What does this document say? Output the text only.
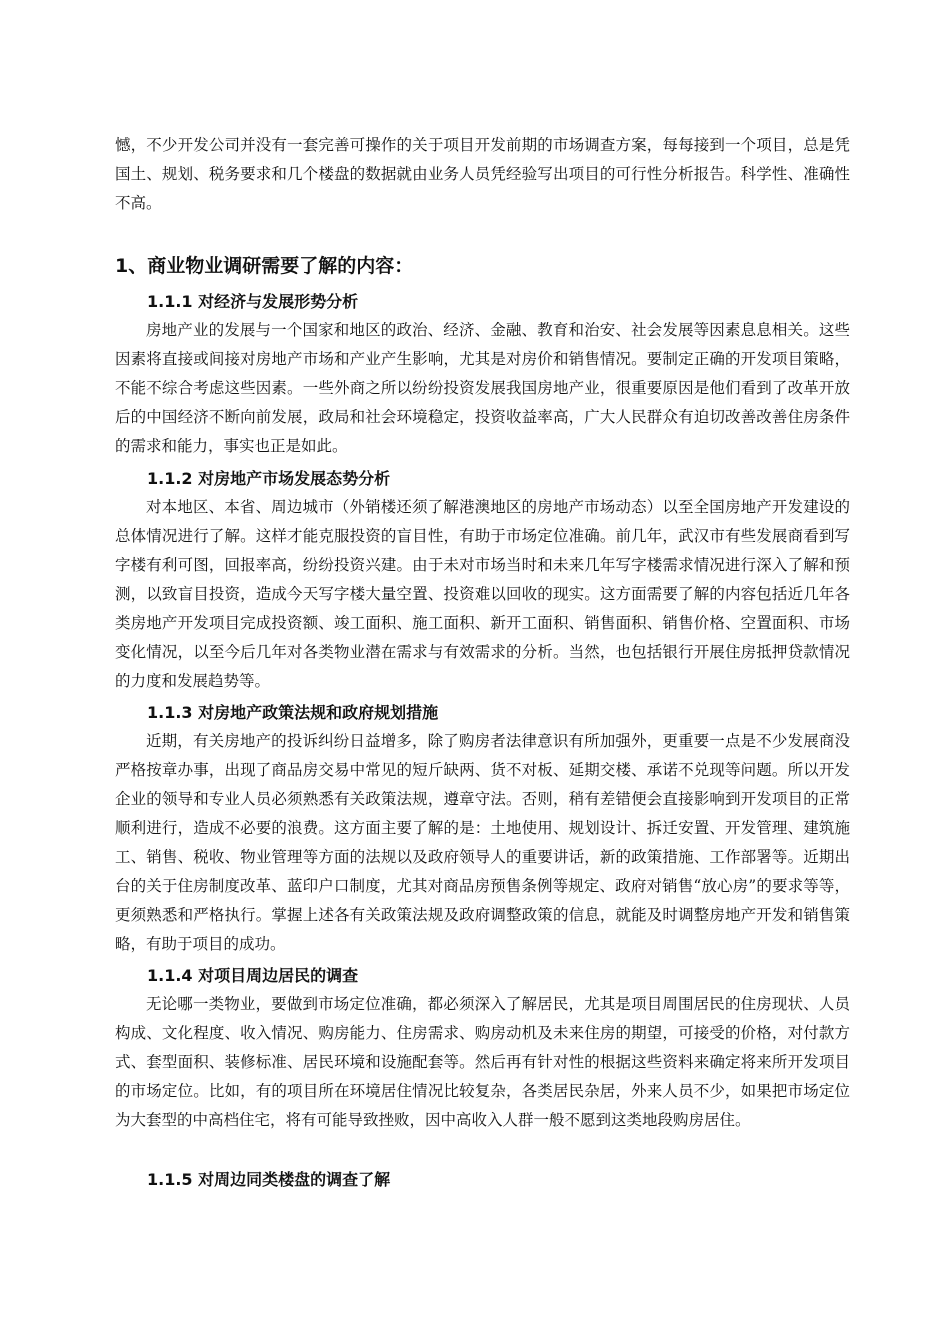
憾，不少开发公司并没有一套完善可操作的关于项目开发前期的市场调查方案，每每接到一个项目，总是凭国土、规划、税务要求和几个楼盘的数据就由业务人员凭经验写出项目的可行性分析报告。科学性、准确性不高。

1、商业物业调研需要了解的内容：
1.1.1 对经济与发展形势分析

房地产业的发展与一个国家和地区的政治、经济、金融、教育和治安、社会发展等因素息息相关。这些因素将直接或间接对房地产市场和产业产生影响，尤其是对房价和销售情况。要制定正确的开发项目策略，不能不综合考虑这些因素。一些外商之所以纷纷投资发展我国房地产业，很重要原因是他们看到了改革开放后的中国经济不断向前发展，政局和社会环境稳定，投资收益率高，广大人民群众有迫切改善改善住房条件的需求和能力，事实也正是如此。

1.1.2 对房地产市场发展态势分析

对本地区、本省、周边城市（外销楼还须了解港澳地区的房地产市场动态）以至全国房地产开发建设的总体情况进行了解。这样才能克服投资的盲目性，有助于市场定位准确。前几年，武汉市有些发展商看到写字楼有利可图，回报率高，纷纷投资兴建。由于未对市场当时和未来几年写字楼需求情况进行深入了解和预测，以致盲目投资，造成今天写字楼大量空置、投资难以回收的现实。这方面需要了解的内容包括近几年各类房地产开发项目完成投资额、竣工面积、施工面积、新开工面积、销售面积、销售价格、空置面积、市场变化情况，以至今后几年对各类物业潜在需求与有效需求的分析。当然，也包括银行开展住房抵押贷款情况的力度和发展趋势等。

1.1.3 对房地产政策法规和政府规划措施

近期，有关房地产的投诉纠纷日益增多，除了购房者法律意识有所加强外，更重要一点是不少发展商没严格按章办事，出现了商品房交易中常见的短斤缺两、货不对板、延期交楼、承诺不兑现等问题。所以开发企业的领导和专业人员必须熟悉有关政策法规，遵章守法。否则，稍有差错便会直接影响到开发项目的正常顺利进行，造成不必要的浪费。这方面主要了解的是：土地使用、规划设计、拆迁安置、开发管理、建筑施工、销售、税收、物业管理等方面的法规以及政府领导人的重要讲话，新的政策措施、工作部署等。近期出台的关于住房制度改革、蓝印户口制度，尤其对商品房预售条例等规定、政府对销售“放心房”的要求等等，更须熟悉和严格执行。掌握上述各有关政策法规及政府调整政策的信息，就能及时调整房地产开发和销售策略，有助于项目的成功。

1.1.4 对项目周边居民的调查

无论哪一类物业，要做到市场定位准确，都必须深入了解居民，尤其是项目周围居民的住房现状、人员构成、文化程度、收入情况、购房能力、住房需求、购房动机及未来住房的期望，可接受的价格，对付款方式、套型面积、装修标准、居民环境和设施配套等。然后再有针对性的根据这些资料来确定将来所开发项目的市场定位。比如，有的项目所在环境居住情况比较复杂，各类居民杂居，外来人员不少，如果把市场定位为大套型的中高档住宅，将有可能导致挫败，因中高收入人群一般不愿到这类地段购房居住。

1.1.5 对周边同类楼盘的调查了解
